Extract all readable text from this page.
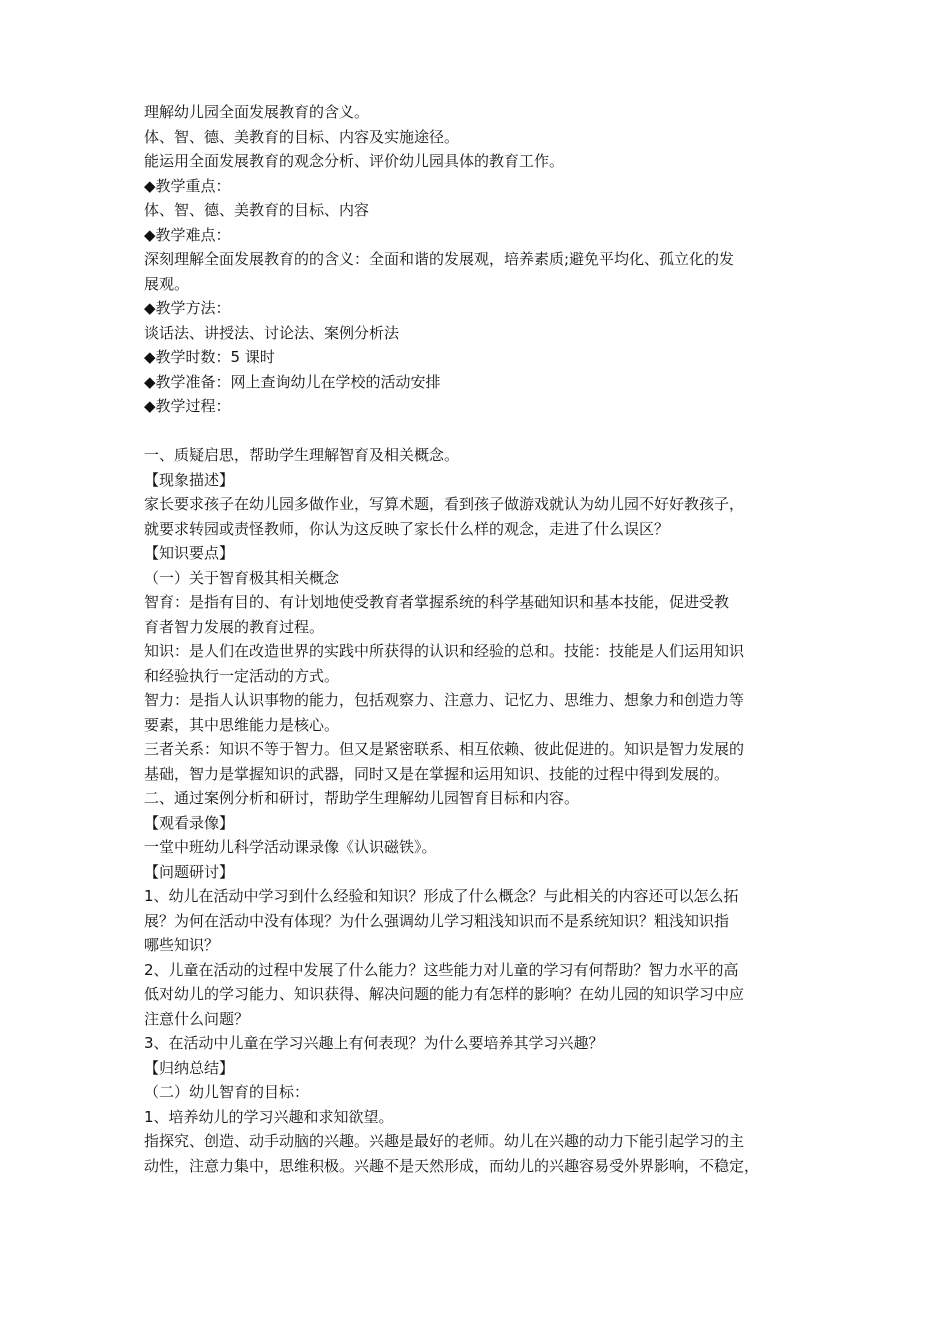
理解幼儿园全面发展教育的含义。
体、智、德、美教育的目标、内容及实施途径。
能运用全面发展教育的观念分析、评价幼儿园具体的教育工作。
◆教学重点：
体、智、德、美教育的目标、内容
◆教学难点：
深刻理解全面发展教育的的含义：全面和谐的发展观，培养素质;避免平均化、孤立化的发
展观。
◆教学方法：
谈话法、讲授法、讨论法、案例分析法
◆教学时数：5 课时
◆教学准备：网上查询幼儿在学校的活动安排
◆教学过程：
一、质疑启思，帮助学生理解智育及相关概念。
【现象描述】
家长要求孩子在幼儿园多做作业，写算术题，看到孩子做游戏就认为幼儿园不好好教孩子，
就要求转园或责怪教师，你认为这反映了家长什么样的观念，走进了什么误区？
【知识要点】
（一）关于智育极其相关概念
智育：是指有目的、有计划地使受教育者掌握系统的科学基础知识和基本技能，促进受教
育者智力发展的教育过程。
知识：是人们在改造世界的实践中所获得的认识和经验的总和。技能：技能是人们运用知识
和经验执行一定活动的方式。
智力：是指人认识事物的能力，包括观察力、注意力、记忆力、思维力、想象力和创造力等
要素，其中思维能力是核心。
三者关系：知识不等于智力。但又是紧密联系、相互依赖、彼此促进的。知识是智力发展的
基础，智力是掌握知识的武器，同时又是在掌握和运用知识、技能的过程中得到发展的。
二、通过案例分析和研讨，帮助学生理解幼儿园智育目标和内容。
【观看录像】
一堂中班幼儿科学活动课录像《认识磁铁》。
【问题研讨】
1、幼儿在活动中学习到什么经验和知识？形成了什么概念？与此相关的内容还可以怎么拓
展？为何在活动中没有体现？为什么强调幼儿学习粗浅知识而不是系统知识？粗浅知识指
哪些知识？
2、儿童在活动的过程中发展了什么能力？这些能力对儿童的学习有何帮助？智力水平的高
低对幼儿的学习能力、知识获得、解决问题的能力有怎样的影响？在幼儿园的知识学习中应
注意什么问题？
3、在活动中儿童在学习兴趣上有何表现？为什么要培养其学习兴趣？
【归纳总结】
（二）幼儿智育的目标：
1、培养幼儿的学习兴趣和求知欲望。
指探究、创造、动手动脑的兴趣。兴趣是最好的老师。幼儿在兴趣的动力下能引起学习的主
动性，注意力集中，思维积极。兴趣不是天然形成，而幼儿的兴趣容易受外界影响，不稳定，
